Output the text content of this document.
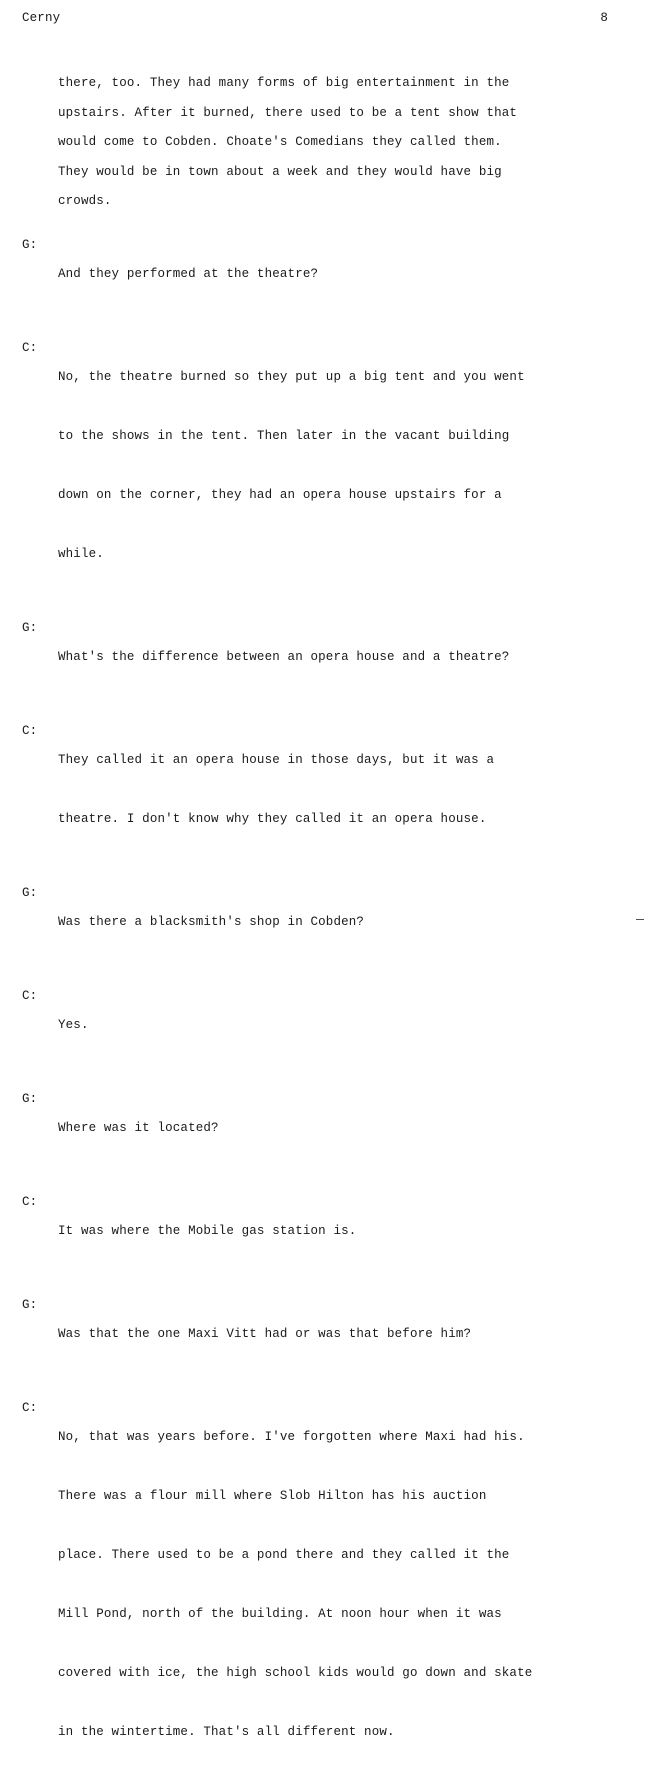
Cerny	8
there, too. They had many forms of big entertainment in the
upstairs. After it burned, there used to be a tent show that
would come to Cobden. Choate's Comedians they called them.
They would be in town about a week and they would have big
crowds.
G:

And they performed at the theatre?

C:

No, the theatre burned so they put up a big tent and you went

to the shows in the tent. Then later in the vacant building

down on the corner, they had an opera house upstairs for a

while.

G:

What's the difference between an opera house and a theatre?

C:

They called it an opera house in those days, but it was a

theatre. I don't know why they called it an opera house.

G:

Was there a blacksmith's shop in Cobden?

C:

Yes.

G:

Where was it located?

C:

It was where the Mobile gas station is.

G:

Was that the one Maxi Vitt had or was that before him?

C:

No, that was years before. I've forgotten where Maxi had his.

There was a flour mill where Slob Hilton has his auction

place. There used to be a pond there and they called it the

Mill Pond, north of the building. At noon hour when it was

covered with ice, the high school kids would go down and skate

in the wintertime. That's all different now.
